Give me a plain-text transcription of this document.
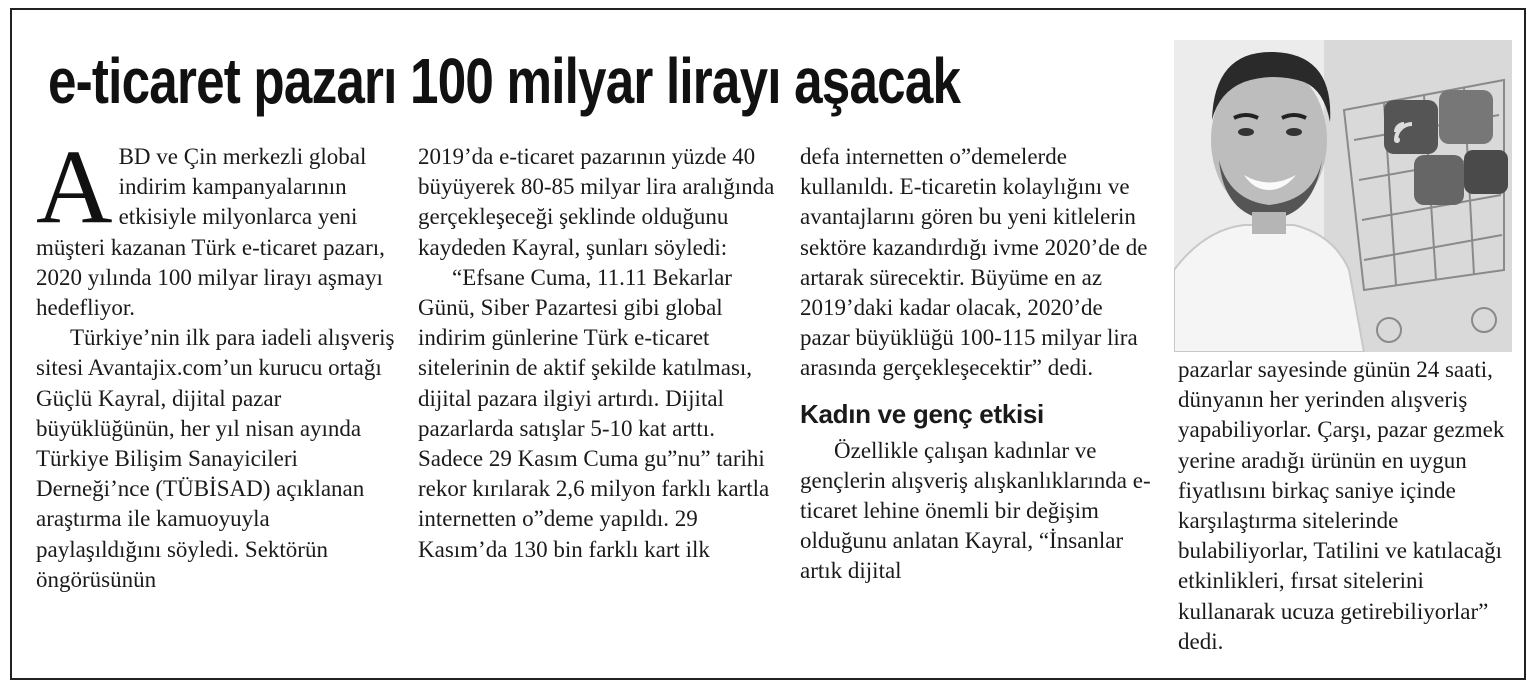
e-ticaret pazarı 100 milyar lirayı aşacak

ABD ve Çin merkezli global indirim kampanyalarının etkisiyle milyonlarca yeni müşteri kazanan Türk e-ticaret pazarı, 2020 yılında 100 milyar lirayı aşmayı hedefliyor.

Türkiye’nin ilk para iadeli alışveriş sitesi Avantajix.com’un kurucu ortağı Güçlü Kayral, dijital pazar büyüklüğünün, her yıl nisan ayında Türkiye Bilişim Sanayicileri Derneği’nce (TÜBİSAD) açıklanan araştırma ile kamuoyuyla paylaşıldığını söyledi. Sektörün öngörüsünün

2019’da e-ticaret pazarının yüzde 40 büyüyerek 80-85 milyar lira aralığında gerçekleşeceği şeklinde olduğunu kaydeden Kayral, şunları söyledi:

“Efsane Cuma, 11.11 Bekarlar Günü, Siber Pazartesi gibi global indirim günlerine Türk e-ticaret sitelerinin de aktif şekilde katılması, dijital pazara ilgiyi artırdı. Dijital pazarlarda satışlar 5-10 kat arttı. Sadece 29 Kasım Cuma gu”nu” tarihi rekor kırılarak 2,6 milyon farklı kartla internetten o”deme yapıldı. 29 Kasım’da 130 bin farklı kart ilk

defa internetten o”demelerde kullanıldı. E-ticaretin kolaylığını ve avantajlarını gören bu yeni kitlelerin sektöre kazandırdığı ivme 2020’de de artarak sürecektir. Büyüme en az 2019’daki kadar olacak, 2020’de pazar büyüklüğü 100-115 milyar lira arasında gerçekleşecektir” dedi.

Kadın ve genç etkisi

Özellikle çalışan kadınlar ve gençlerin alışveriş alışkanlıklarında e-ticaret lehine önemli bir değişim olduğunu anlatan Kayral, “İnsanlar artık dijital

pazarlar sayesinde günün 24 saati, dünyanın her yerinden alışveriş yapabiliyorlar. Çarşı, pazar gezmek yerine aradığı ürünün en uygun fiyatlısını birkaç saniye içinde karşılaştırma sitelerinde bulabiliyorlar, Tatilini ve katılacağı etkinlikleri, fırsat sitelerini kullanarak ucuza getirebiliyorlar” dedi.
